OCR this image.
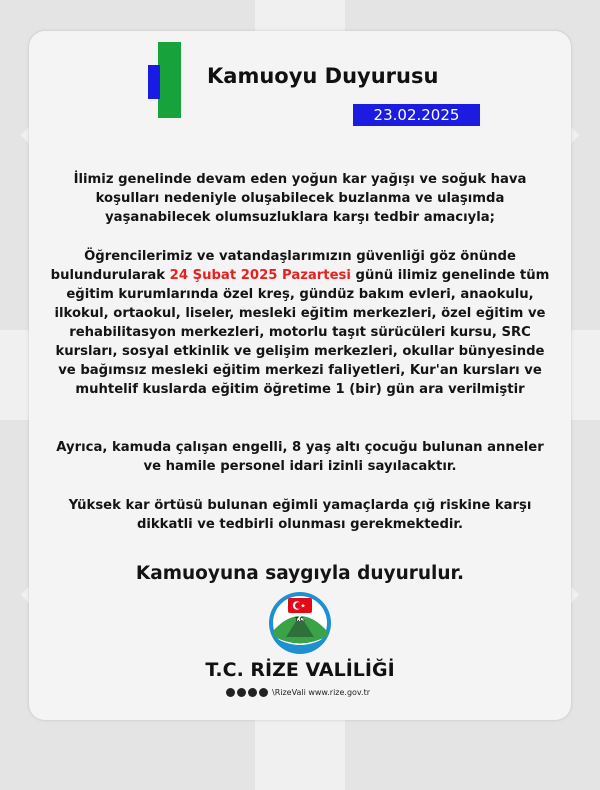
Kamuoyu Duyurusu
23.02.2025
İlimiz genelinde devam eden yoğun kar yağışı ve soğuk hava koşulları nedeniyle oluşabilecek buzlanma ve ulaşımda yaşanabilecek olumsuzluklara karşı tedbir amacıyla;
Öğrencilerimiz ve vatandaşlarımızın güvenliği göz önünde bulundurularak 24 Şubat 2025 Pazartesi günü ilimiz genelinde tüm eğitim kurumlarında özel kreş, gündüz bakım evleri, anaokulu, ilkokul, ortaokul, liseler, mesleki eğitim merkezleri, özel eğitim ve rehabilitasyon merkezleri, motorlu taşıt sürücüleri kursu, SRC kursları, sosyal etkinlik ve gelişim merkezleri, okullar bünyesinde ve bağımsız mesleki eğitim merkezi faliyetleri, Kur'an kursları ve muhtelif kuslarda eğitim öğretime 1 (bir) gün ara verilmiştir
Ayrıca, kamuda çalışan engelli, 8 yaş altı çocuğu bulunan anneler ve hamile personel idari izinli sayılacaktır.
Yüksek kar örtüsü bulunan eğimli yamaçlarda çığ riskine karşı dikkatli ve tedbirli olunması gerekmektedir.
Kamuoyuna saygıyla duyurulur.
T.C.
T.C. RİZE VALİLİĞİ
\RizeVali www.rize.gov.tr
